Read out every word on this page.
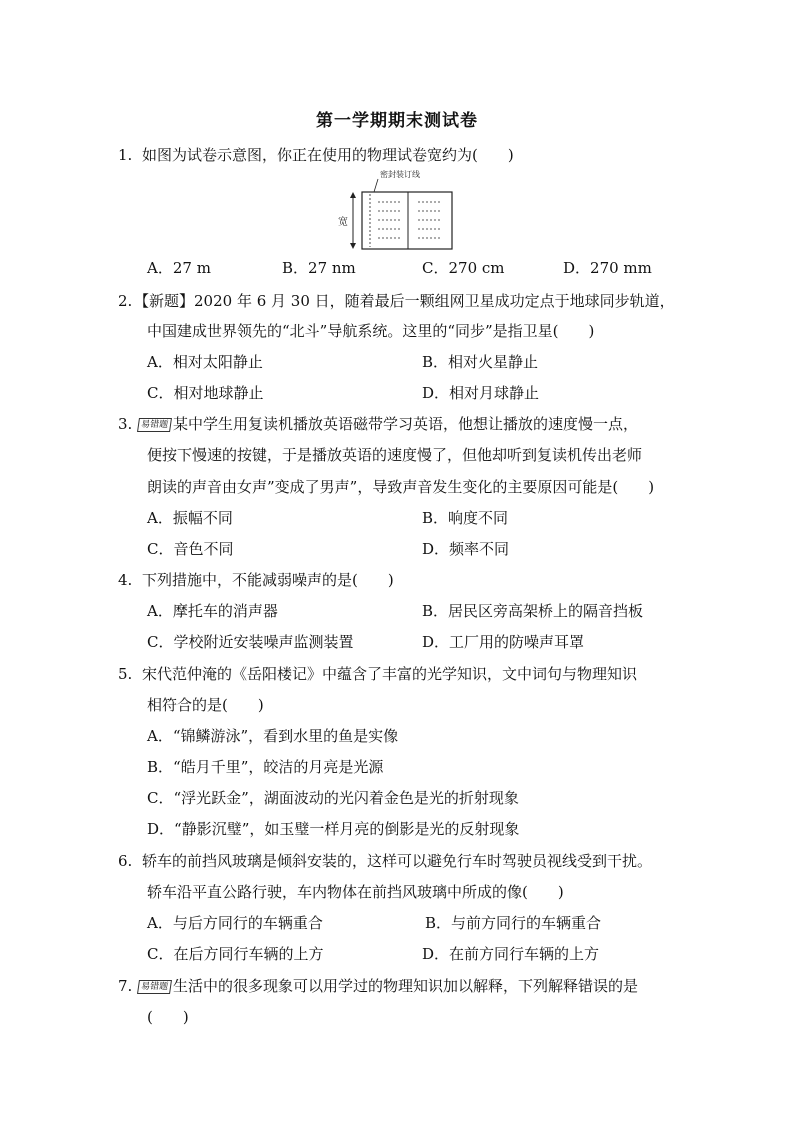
第一学期期末测试卷
1. 如图为试卷示意图，你正在使用的物理试卷宽约为(　　)
密封装订线
宽
A．27 m	B．27 nm	C．270 cm	D．270 mm
2. 【新题】2020 年 6 月 30 日，随着最后一颗组网卫星成功定点于地球同步轨道，
中国建成世界领先的“北斗”导航系统。这里的“同步”是指卫星(　　)
A．相对太阳静止	B．相对火星静止
C．相对地球静止	D．相对月球静止
3. 易错题 某中学生用复读机播放英语磁带学习英语，他想让播放的速度慢一点，
便按下慢速的按键，于是播放英语的速度慢了，但他却听到复读机传出老师
朗读的声音由女声”变成了男声”，导致声音发生变化的主要原因可能是(　　)
A．振幅不同	B．响度不同
C．音色不同	D．频率不同
4. 下列措施中，不能减弱噪声的是(　　)
A．摩托车的消声器	B．居民区旁高架桥上的隔音挡板
C．学校附近安装噪声监测装置	D．工厂用的防噪声耳罩
5. 宋代范仲淹的《岳阳楼记》中蕴含了丰富的光学知识，文中词句与物理知识
相符合的是(　　)
A．“锦鳞游泳”，看到水里的鱼是实像
B．“皓月千里”，皎洁的月亮是光源
C．“浮光跃金”，湖面波动的光闪着金色是光的折射现象
D．“静影沉璧”，如玉璧一样月亮的倒影是光的反射现象
6. 轿车的前挡风玻璃是倾斜安装的，这样可以避免行车时驾驶员视线受到干扰。
轿车沿平直公路行驶，车内物体在前挡风玻璃中所成的像(　　)
A．与后方同行的车辆重合	B．与前方同行的车辆重合
C．在后方同行车辆的上方	D．在前方同行车辆的上方
7. 易错题 生活中的很多现象可以用学过的物理知识加以解释，下列解释错误的是
(　　)
